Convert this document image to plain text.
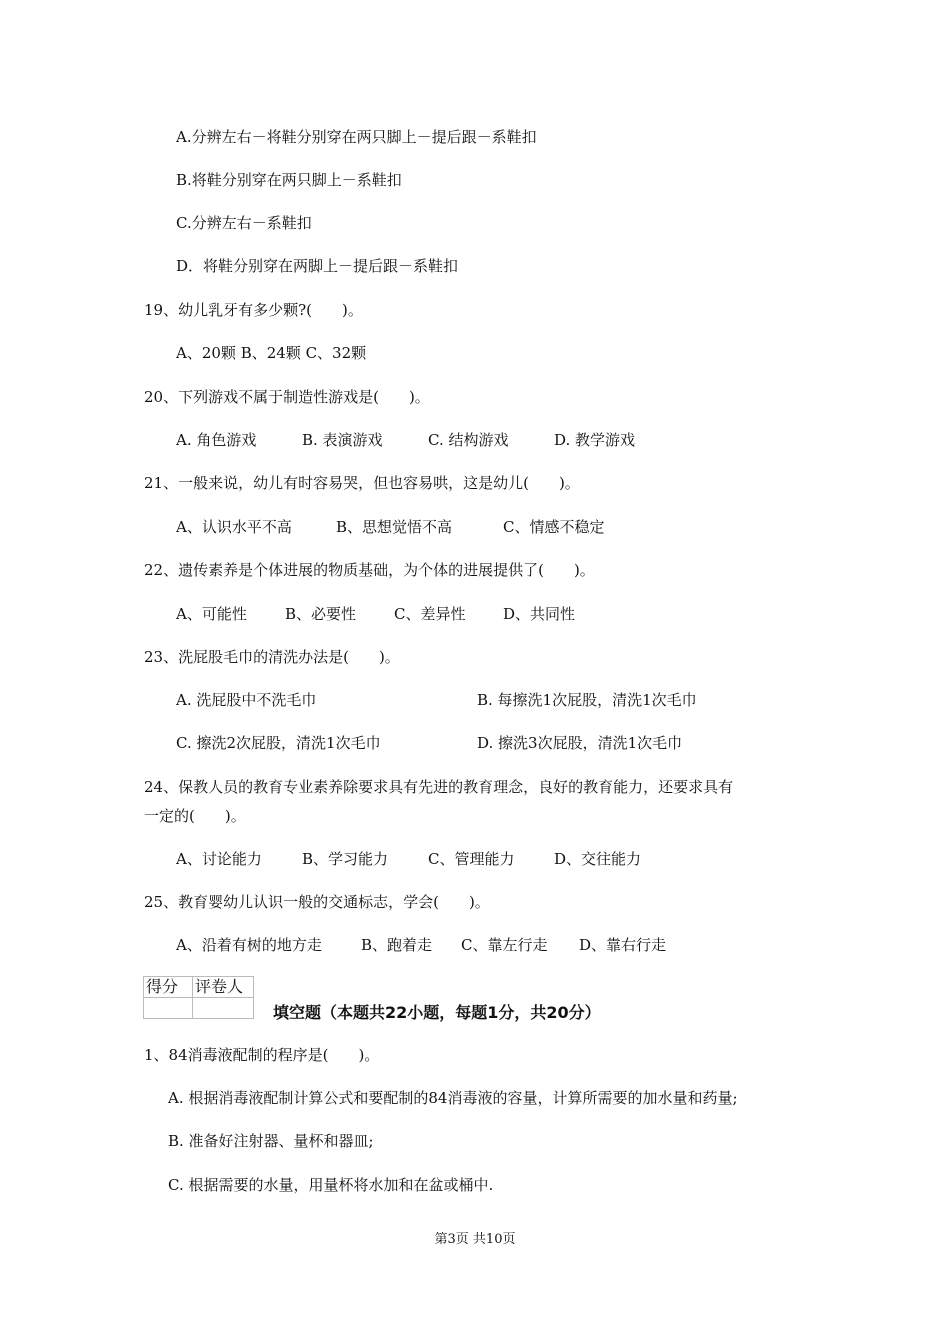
A.分辨左右－将鞋分别穿在两只脚上－提后跟－系鞋扣
B.将鞋分别穿在两只脚上－系鞋扣
C.分辨左右－系鞋扣
D．将鞋分别穿在两脚上－提后跟－系鞋扣
19、幼儿乳牙有多少颗?(　　)。
A、20颗 B、24颗 C、32颗
20、下列游戏不属于制造性游戏是(　　)。
A. 角色游戏	B. 表演游戏	C. 结构游戏	D. 教学游戏
21、一般来说，幼儿有时容易哭，但也容易哄，这是幼儿(　　)。
A、认识水平不高	B、思想觉悟不高	C、情感不稳定
22、遗传素养是个体进展的物质基础，为个体的进展提供了(　　)。
A、可能性	B、必要性	C、差异性	D、共同性
23、洗屁股毛巾的清洗办法是(　　)。
A. 洗屁股中不洗毛巾	B. 每擦洗1次屁股，清洗1次毛巾
C. 擦洗2次屁股，清洗1次毛巾	D. 擦洗3次屁股，清洗1次毛巾
24、保教人员的教育专业素养除要求具有先进的教育理念，良好的教育能力，还要求具有
一定的(　　)。
A、讨论能力	B、学习能力	C、管理能力	D、交往能力
25、教育婴幼儿认识一般的交通标志，学会(　　)。
A、沿着有树的地方走	B、跑着走 C、靠左行走 D、靠右行走
得分	评卷人

填空题（本题共22小题，每题1分，共20分）
1、84消毒液配制的程序是(　　)。
A. 根据消毒液配制计算公式和要配制的84消毒液的容量，计算所需要的加水量和药量;
B. 准备好注射器、量杯和器皿;
C. 根据需要的水量，用量杯将水加和在盆或桶中.
第3页 共10页
